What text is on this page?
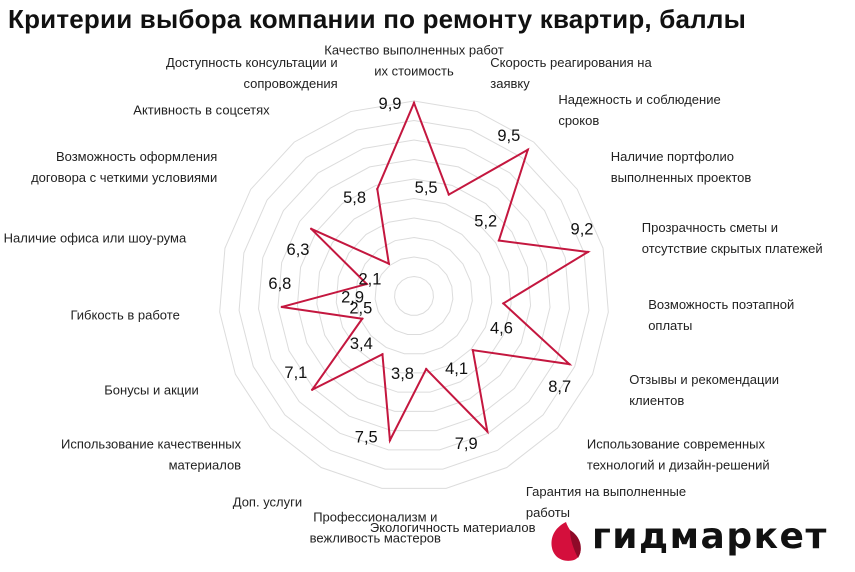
Критерии выбора компании по ремонту квартир, баллы
9,9
5,5
9,5
5,2	9,2
4,6
8,7
4,1
7,9
3,8
7,5
3,4
7,1
2,9
6,8
2,5
6,3
2,1
5,8
Качество выполненных работ их стоимость
Скорость реагирования на заявку
Надежность и соблюдение сроков
Наличие портфолио выполненных проектов
Прозрачность сметы и отсутствие скрытых платежей
Возможность поэтапной оплаты
Отзывы и рекомендации клиентов
Использование современных технологий и дизайн-решений
Гарантия на выполненные работы
Экологичность материалов
Профессионализм и вежливость мастеров
Доп. услуги
Использование качественных материалов
Бонусы и акции
Гибкость в работе
Наличие офиса или шоу-рума
Возможность оформления договора с четкими условиями
Активность в соцсетях
Доступность консультации и сопровождения
гидмаркет
